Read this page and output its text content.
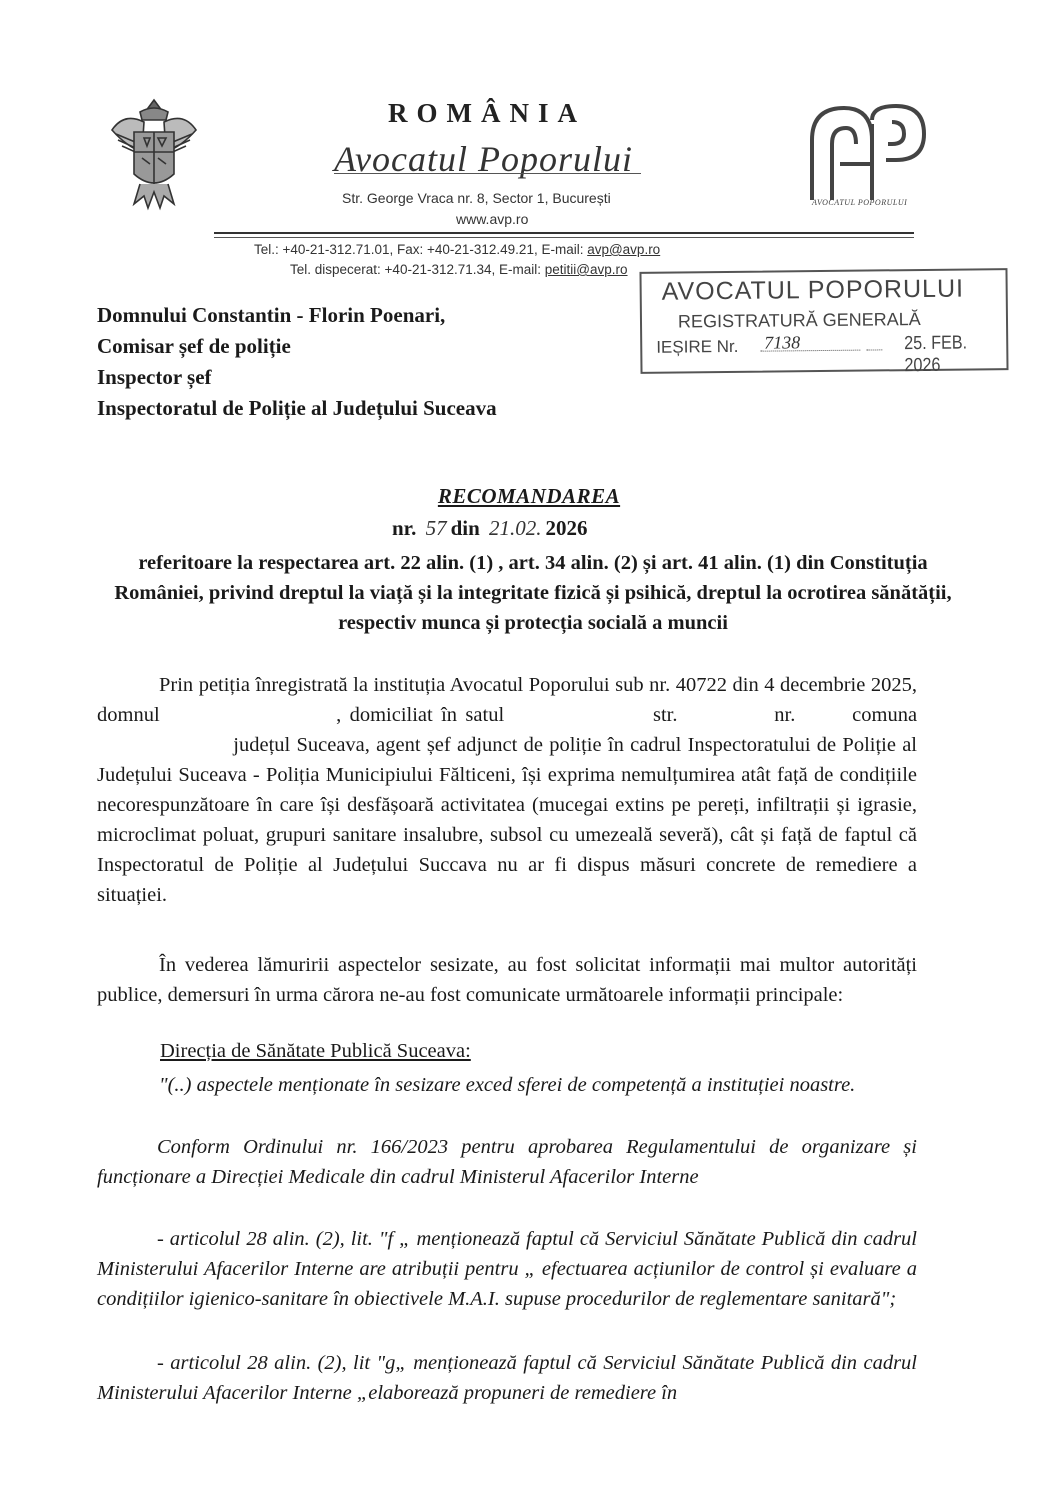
ROMÂNIA
Avocatul Poporului
Str. George Vraca nr. 8, Sector 1, București
www.avp.ro
AVOCATUL POPORULUI
Tel.: +40-21-312.71.01, Fax: +40-21-312.49.21, E-mail: avp@avp.ro
Tel. dispecerat: +40-21-312.71.34, E-mail: petitii@avp.ro
AVOCATUL POPORULUI
REGISTRATURĂ GENERALĂ
IEȘIRE Nr. 7138	25. FEB. 2026
Domnului Constantin - Florin Poenari,
Comisar șef de poliție
Inspector șef
Inspectoratul de Poliție al Județului Suceava
RECOMANDAREA
nr. 57 din 21.02. 2026
referitoare la respectarea art. 22 alin. (1) , art. 34 alin. (2) și art. 41 alin. (1) din Constituția României, privind dreptul la viață și la integritate fizică și psihică, dreptul la ocrotirea sănătății, respectiv munca și protecția socială a muncii
Prin petiția înregistrată la instituția Avocatul Poporului sub nr. 40722 din 4 decembrie 2025, domnul	, domiciliat în satul	str.	nr.	comuna  județul Suceava, agent șef adjunct de poliție în cadrul Inspectoratului de Poliție al Județului Suceava - Poliția Municipiului Fălticeni, își exprima nemulțumirea atât față de condițiile necorespunzătoare în care își desfășoară activitatea (mucegai extins pe pereți, infiltrații și igrasie, microclimat poluat, grupuri sanitare insalubre, subsol cu umezeală severă), cât și față de faptul că Inspectoratul de Poliție al Județului Succava nu ar fi dispus măsuri concrete de remediere a situației.
În vederea lămuririi aspectelor sesizate, au fost solicitat informații mai multor autorități publice, demersuri în urma cărora ne-au fost comunicate următoarele informații principale:
Direcția de Sănătate Publică Suceava:
"(..) aspectele menționate în sesizare exced sferei de competență a instituției noastre.
Conform Ordinului nr. 166/2023 pentru aprobarea Regulamentului de organizare și funcționare a Direcției Medicale din cadrul Ministerul Afacerilor Interne
- articolul 28 alin. (2), lit. "f „ menționează faptul că Serviciul Sănătate Publică din cadrul Ministerului Afacerilor Interne are atribuții pentru „ efectuarea acțiunilor de control și evaluare a condițiilor igienico-sanitare în obiectivele M.A.I. supuse procedurilor de reglementare sanitară";
- articolul 28 alin. (2), lit "g„ menționează faptul că Serviciul Sănătate Publică din cadrul Ministerului Afacerilor Interne „elaborează propuneri de remediere în
